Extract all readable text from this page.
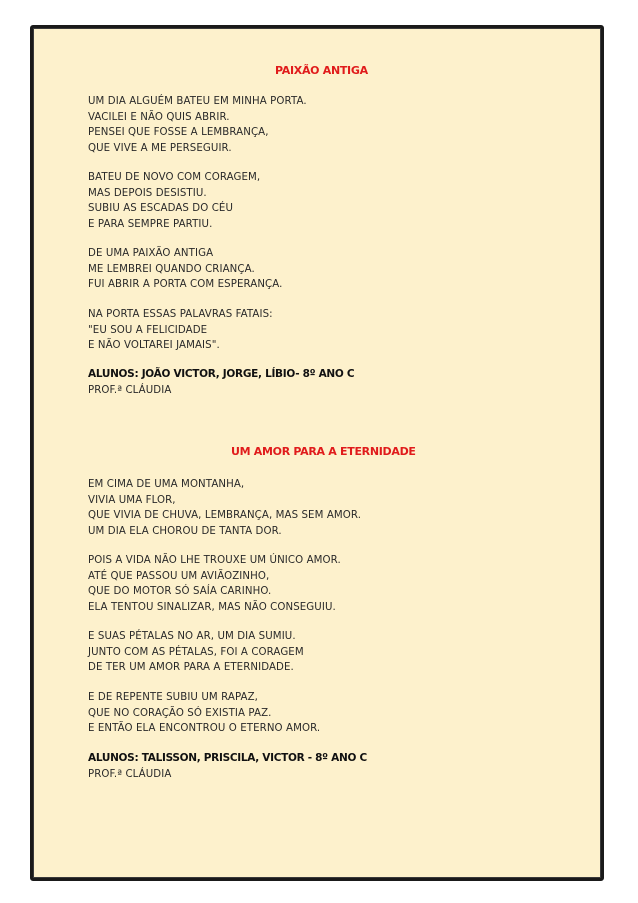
PAIXÃO ANTIGA
UM DIA ALGUÉM BATEU EM MINHA PORTA.
VACILEI E NÃO QUIS ABRIR.
PENSEI QUE FOSSE A LEMBRANÇA,
QUE VIVE A ME PERSEGUIR.
BATEU DE NOVO COM CORAGEM,
MAS DEPOIS DESISTIU.
SUBIU AS ESCADAS DO CÉU
E PARA SEMPRE PARTIU.
DE UMA PAIXÃO ANTIGA
ME LEMBREI QUANDO CRIANÇA.
FUI ABRIR A PORTA COM ESPERANÇA.
NA PORTA ESSAS PALAVRAS FATAIS:
"EU SOU A FELICIDADE
E NÃO VOLTAREI JAMAIS".
ALUNOS: JOÃO VICTOR, JORGE, LÍBIO- 8º ANO C
PROF.ª CLÁUDIA
UM AMOR PARA A ETERNIDADE
EM CIMA DE UMA MONTANHA,
VIVIA UMA FLOR,
QUE VIVIA DE CHUVA, LEMBRANÇA, MAS SEM AMOR.
UM DIA ELA CHOROU DE TANTA DOR.
POIS A VIDA NÃO LHE TROUXE UM ÚNICO AMOR.
ATÉ QUE PASSOU UM AVIÃOZINHO,
QUE DO MOTOR SÓ SAÍA CARINHO.
ELA TENTOU SINALIZAR, MAS NÃO CONSEGUIU.
E SUAS PÉTALAS NO AR, UM DIA SUMIU.
JUNTO COM AS PÉTALAS, FOI A CORAGEM
DE TER UM AMOR PARA A ETERNIDADE.
E DE REPENTE SUBIU UM RAPAZ,
QUE NO CORAÇÃO SÓ EXISTIA PAZ.
E ENTÃO ELA ENCONTROU O ETERNO AMOR.
ALUNOS: TALISSON, PRISCILA, VICTOR - 8º ANO C
PROF.ª CLÁUDIA
